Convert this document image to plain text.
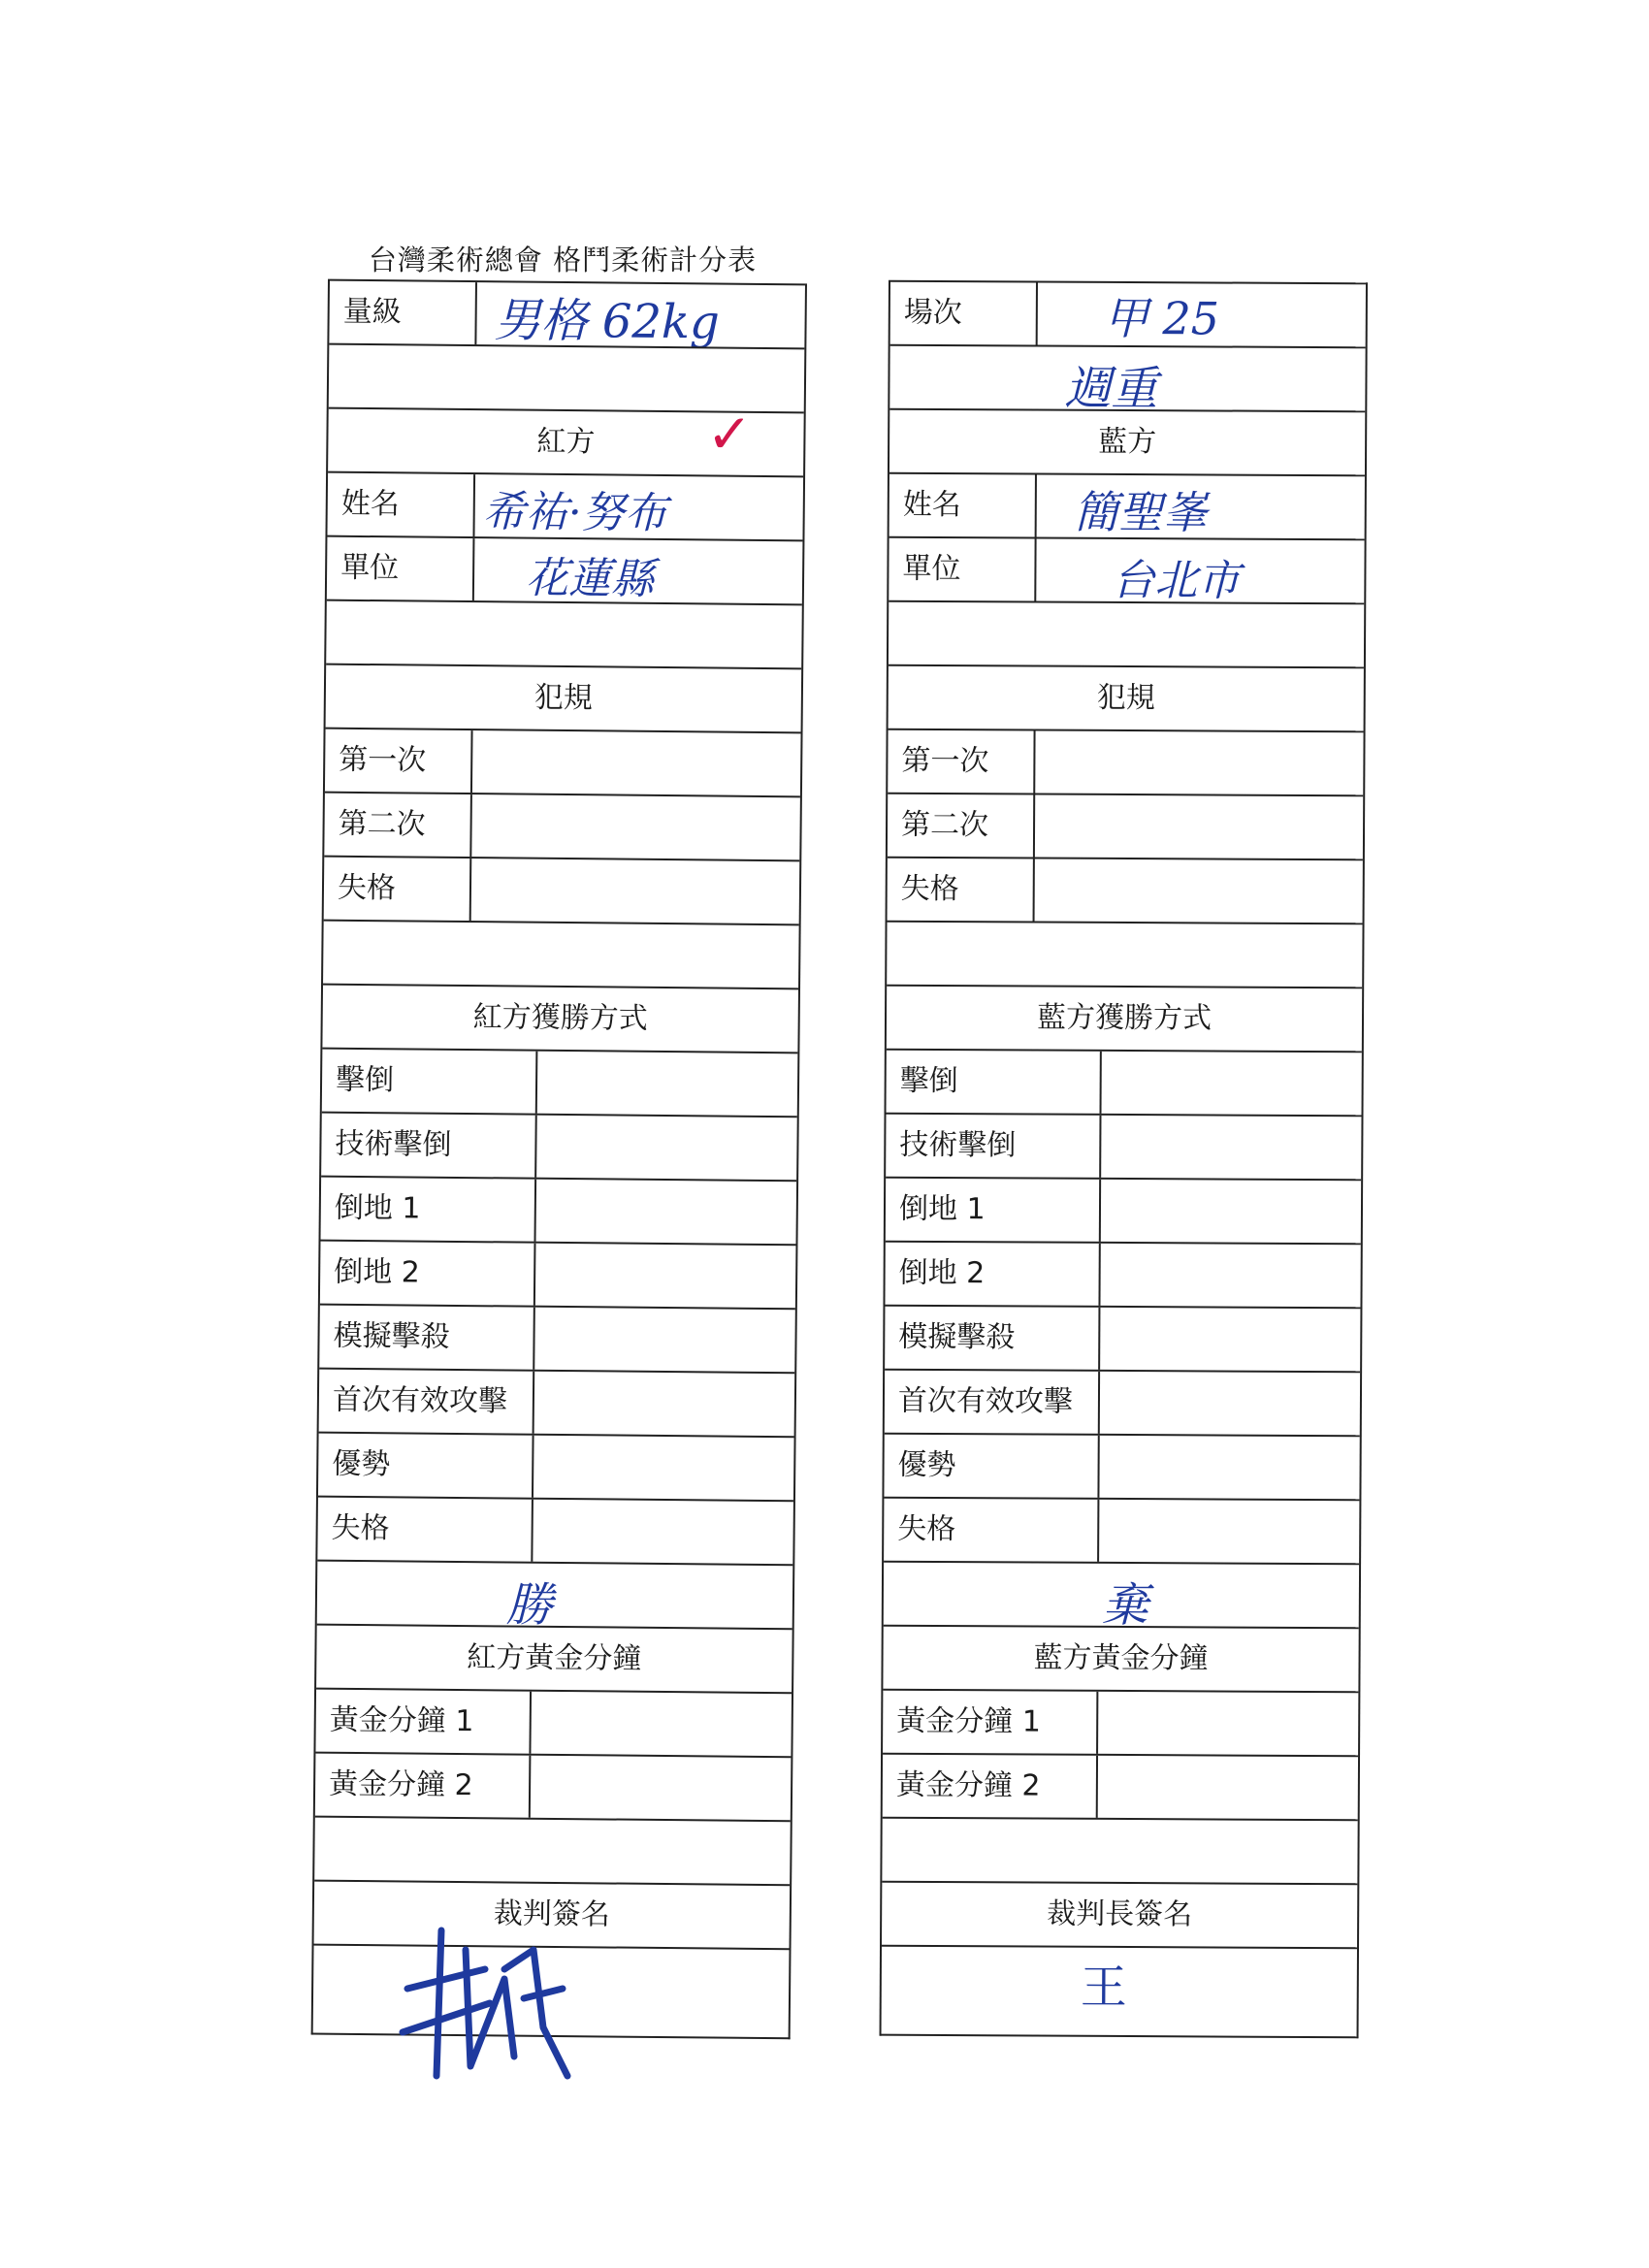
台灣柔術總會 格鬥柔術計分表
量級 男格 62kg
紅方	✓
姓名 希祐·努布
單位	花蓮縣
犯規
第一次
第二次
失格
紅方獲勝方式
擊倒
技術擊倒
倒地 1
倒地 2
模擬擊殺
首次有效攻擊
優勢
失格
勝
紅方黃金分鐘
黃金分鐘 1
黃金分鐘 2
裁判簽名
場次	甲 25
週重
藍方
姓名	簡聖峯
單位	台北市
犯規
第一次
第二次
失格
藍方獲勝方式
擊倒
技術擊倒
倒地 1
倒地 2
模擬擊殺
首次有效攻擊
優勢
失格
棄
藍方黃金分鐘
黃金分鐘 1
黃金分鐘 2
裁判長簽名
王
